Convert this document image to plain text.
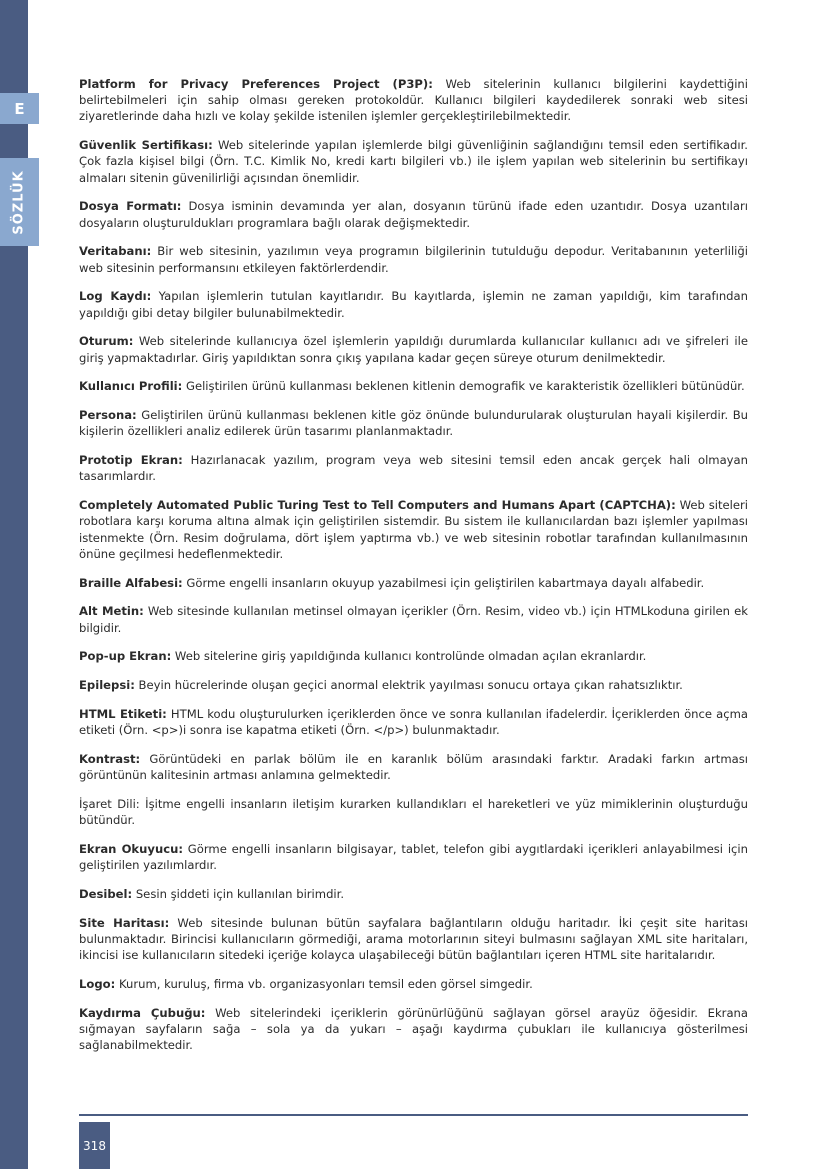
E
SÖZLÜK

Platform for Privacy Preferences Project (P3P): Web sitelerinin kullanıcı bilgilerini kaydettiğini belirtebilmeleri için sahip olması gereken protokoldür. Kullanıcı bilgileri kaydedilerek sonraki web sitesi ziyaretlerinde daha hızlı ve kolay şekilde istenilen işlemler gerçekleştirilebilmektedir.

Güvenlik Sertifikası: Web sitelerinde yapılan işlemlerde bilgi güvenliğinin sağlandığını temsil eden sertifikadır. Çok fazla kişisel bilgi (Örn. T.C. Kimlik No, kredi kartı bilgileri vb.) ile işlem yapılan web sitelerinin bu sertifikayı almaları sitenin güvenilirliği açısından önemlidir.

Dosya Formatı: Dosya isminin devamında yer alan, dosyanın türünü ifade eden uzantıdır. Dosya uzantıları dosyaların oluşturuldukları programlara bağlı olarak değişmektedir.

Veritabanı: Bir web sitesinin, yazılımın veya programın bilgilerinin tutulduğu depodur. Veritabanının yeterliliği web sitesinin performansını etkileyen faktörlerdendir.

Log Kaydı: Yapılan işlemlerin tutulan kayıtlarıdır. Bu kayıtlarda, işlemin ne zaman yapıldığı, kim tarafından yapıldığı gibi detay bilgiler bulunabilmektedir.

Oturum: Web sitelerinde kullanıcıya özel işlemlerin yapıldığı durumlarda kullanıcılar kullanıcı adı ve şifreleri ile giriş yapmaktadırlar. Giriş yapıldıktan sonra çıkış yapılana kadar geçen süreye oturum denilmektedir.

Kullanıcı Profili: Geliştirilen ürünü kullanması beklenen kitlenin demografik ve karakteristik özellikleri bütünüdür.

Persona: Geliştirilen ürünü kullanması beklenen kitle göz önünde bulundurularak oluşturulan hayali kişilerdir. Bu kişilerin özellikleri analiz edilerek ürün tasarımı planlanmaktadır.

Prototip Ekran: Hazırlanacak yazılım, program veya web sitesini temsil eden ancak gerçek hali olmayan tasarımlardır.

Completely Automated Public Turing Test to Tell Computers and Humans Apart (CAPTCHA): Web siteleri robotlara karşı koruma altına almak için geliştirilen sistemdir. Bu sistem ile kullanıcılardan bazı işlemler yapılması istenmekte (Örn. Resim doğrulama, dört işlem yaptırma vb.) ve web sitesinin robotlar tarafından kullanılmasının önüne geçilmesi hedeflenmektedir.

Braille Alfabesi: Görme engelli insanların okuyup yazabilmesi için geliştirilen kabartmaya dayalı alfabedir.

Alt Metin: Web sitesinde kullanılan metinsel olmayan içerikler (Örn. Resim, video vb.) için HTMLkoduna girilen ek bilgidir.

Pop-up Ekran: Web sitelerine giriş yapıldığında kullanıcı kontrolünde olmadan açılan ekranlardır.

Epilepsi: Beyin hücrelerinde oluşan geçici anormal elektrik yayılması sonucu ortaya çıkan rahatsızlıktır.

HTML Etiketi: HTML kodu oluşturulurken içeriklerden önce ve sonra kullanılan ifadelerdir. İçeriklerden önce açma etiketi (Örn. <p>)i sonra ise kapatma etiketi (Örn. </p>) bulunmaktadır.

Kontrast: Görüntüdeki en parlak bölüm ile en karanlık bölüm arasındaki farktır. Aradaki farkın artması görüntünün kalitesinin artması anlamına gelmektedir.

İşaret Dili: İşitme engelli insanların iletişim kurarken kullandıkları el hareketleri ve yüz mimiklerinin oluşturduğu bütündür.

Ekran Okuyucu: Görme engelli insanların bilgisayar, tablet, telefon gibi aygıtlardaki içerikleri anlayabilmesi için geliştirilen yazılımlardır.

Desibel: Sesin şiddeti için kullanılan birimdir.

Site Haritası: Web sitesinde bulunan bütün sayfalara bağlantıların olduğu haritadır. İki çeşit site haritası bulunmaktadır. Birincisi kullanıcıların görmediği, arama motorlarının siteyi bulmasını sağlayan XML site haritaları, ikincisi ise kullanıcıların sitedeki içeriğe kolayca ulaşabileceği bütün bağlantıları içeren HTML site haritalarıdır.

Logo: Kurum, kuruluş, firma vb. organizasyonları temsil eden görsel simgedir.

Kaydırma Çubuğu: Web sitelerindeki içeriklerin görünürlüğünü sağlayan görsel arayüz öğesidir. Ekrana sığmayan sayfaların sağa – sola ya da yukarı – aşağı kaydırma çubukları ile kullanıcıya gösterilmesi sağlanabilmektedir.

318
